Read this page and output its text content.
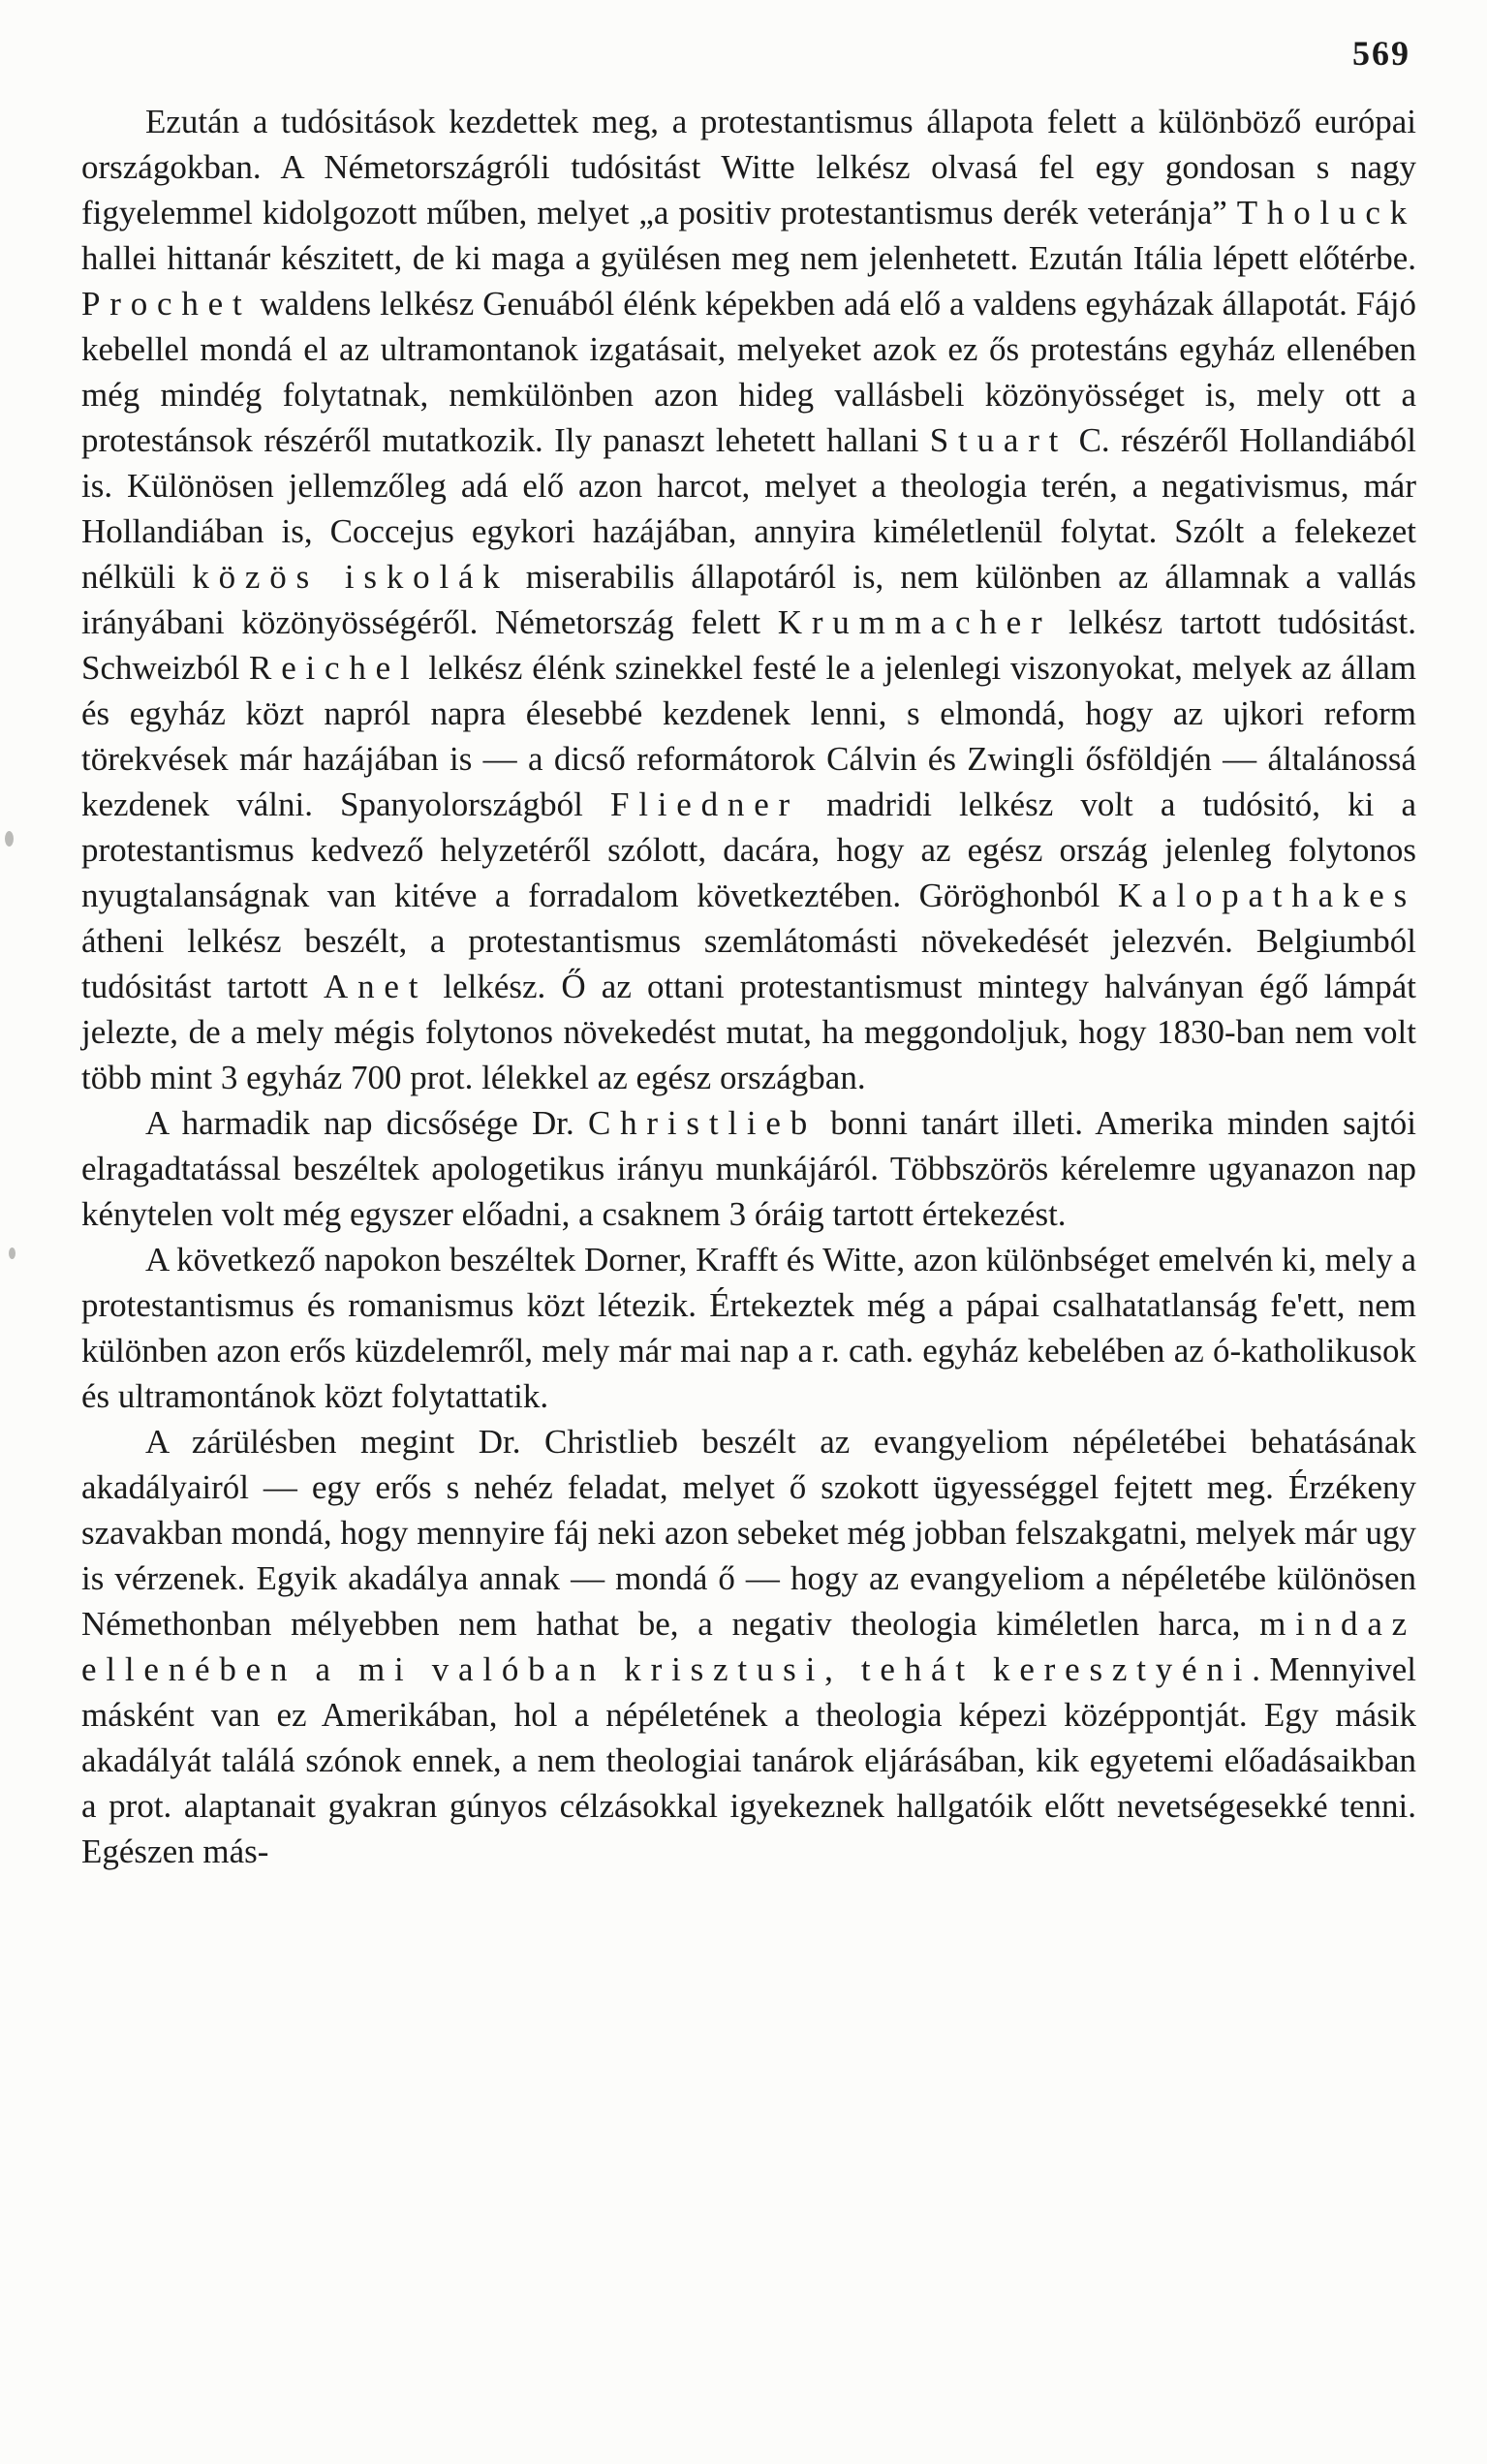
569

Ezután a tudósitások kezdettek meg, a protestantismus állapota felett a különböző európai országokban. A Németországróli tudósitást Witte lelkész olvasá fel egy gondosan s nagy figyelemmel kidolgozott műben, melyet „a positiv protestantismus derék veteránja” Tholuck hallei hittanár készitett, de ki maga a gyülésen meg nem jelenhetett. Ezután Itália lépett előtérbe. Prochet waldens lelkész Genuából élénk képekben adá elő a valdens egyházak állapotát. Fájó kebellel mondá el az ultramontanok izgatásait, melyeket azok ez ős protestáns egyház ellenében még mindég folytatnak, nemkülönben azon hideg vallásbeli közönyösséget is, mely ott a protestánsok részéről mutatkozik. Ily panaszt lehetett hallani Stuart C. részéről Hollandiából is. Különösen jellemzőleg adá elő azon harcot, melyet a theologia terén, a negativismus, már Hollandiában is, Coccejus egykori hazájában, annyira kiméletlenül folytat. Szólt a felekezet nélküli közös iskolák miserabilis állapotáról is, nem különben az államnak a vallás irányábani közönyösségéről. Németország felett Krummacher lelkész tartott tudósitást. Schweizból Reichel lelkész élénk szinekkel festé le a jelenlegi viszonyokat, melyek az állam és egyház közt napról napra élesebbé kezdenek lenni, s elmondá, hogy az ujkori reform törekvések már hazájában is — a dicső reformátorok Cálvin és Zwingli ősföldjén — általánossá kezdenek válni. Spanyolországból Fliedner madridi lelkész volt a tudósitó, ki a protestantismus kedvező helyzetéről szólott, dacára, hogy az egész ország jelenleg folytonos nyugtalanságnak van kitéve a forradalom következtében. Göröghonból Kalopathakes átheni lelkész beszélt, a protestantismus szemlátomásti növekedését jelezvén. Belgiumból tudósitást tartott Anet lelkész. Ő az ottani protestantismust mintegy halványan égő lámpát jelezte, de a mely mégis folytonos növekedést mutat, ha meggondoljuk, hogy 1830-ban nem volt több mint 3 egyház 700 prot. lélekkel az egész országban.

A harmadik nap dicsősége Dr. Christlieb bonni tanárt illeti. Amerika minden sajtói elragadtatással beszéltek apologetikus irányu munkájáról. Többszörös kérelemre ugyanazon nap kénytelen volt még egyszer előadni, a csaknem 3 óráig tartott értekezést.

A következő napokon beszéltek Dorner, Krafft és Witte, azon különbséget emelvén ki, mely a protestantismus és romanismus közt létezik. Értekeztek még a pápai csalhatatlanság fe'ett, nem különben azon erős küzdelemről, mely már mai nap a r. cath. egyház kebelében az ó-katholikusok és ultramontánok közt folytattatik.

A zárülésben megint Dr. Christlieb beszélt az evangyeliom népéletébei behatásának akadályairól — egy erős s nehéz feladat, melyet ő szokott ügyességgel fejtett meg. Érzékeny szavakban mondá, hogy mennyire fáj neki azon sebeket még jobban felszakgatni, melyek már ugy is vérzenek. Egyik akadálya annak — mondá ő — hogy az evangyeliom a népéletébe különösen Némethonban mélyebben nem hathat be, a negativ theologia kiméletlen harca, mindaz ellenében a mi valóban krisztusi, tehát keresztyéni. Mennyivel másként van ez Amerikában, hol a népéletének a theologia képezi középpontját. Egy másik akadályát találá szónok ennek, a nem theologiai tanárok eljárásában, kik egyetemi előadásaikban a prot. alaptanait gyakran gúnyos célzásokkal igyekeznek hallgatóik előtt nevetségesekké tenni. Egészen más-
